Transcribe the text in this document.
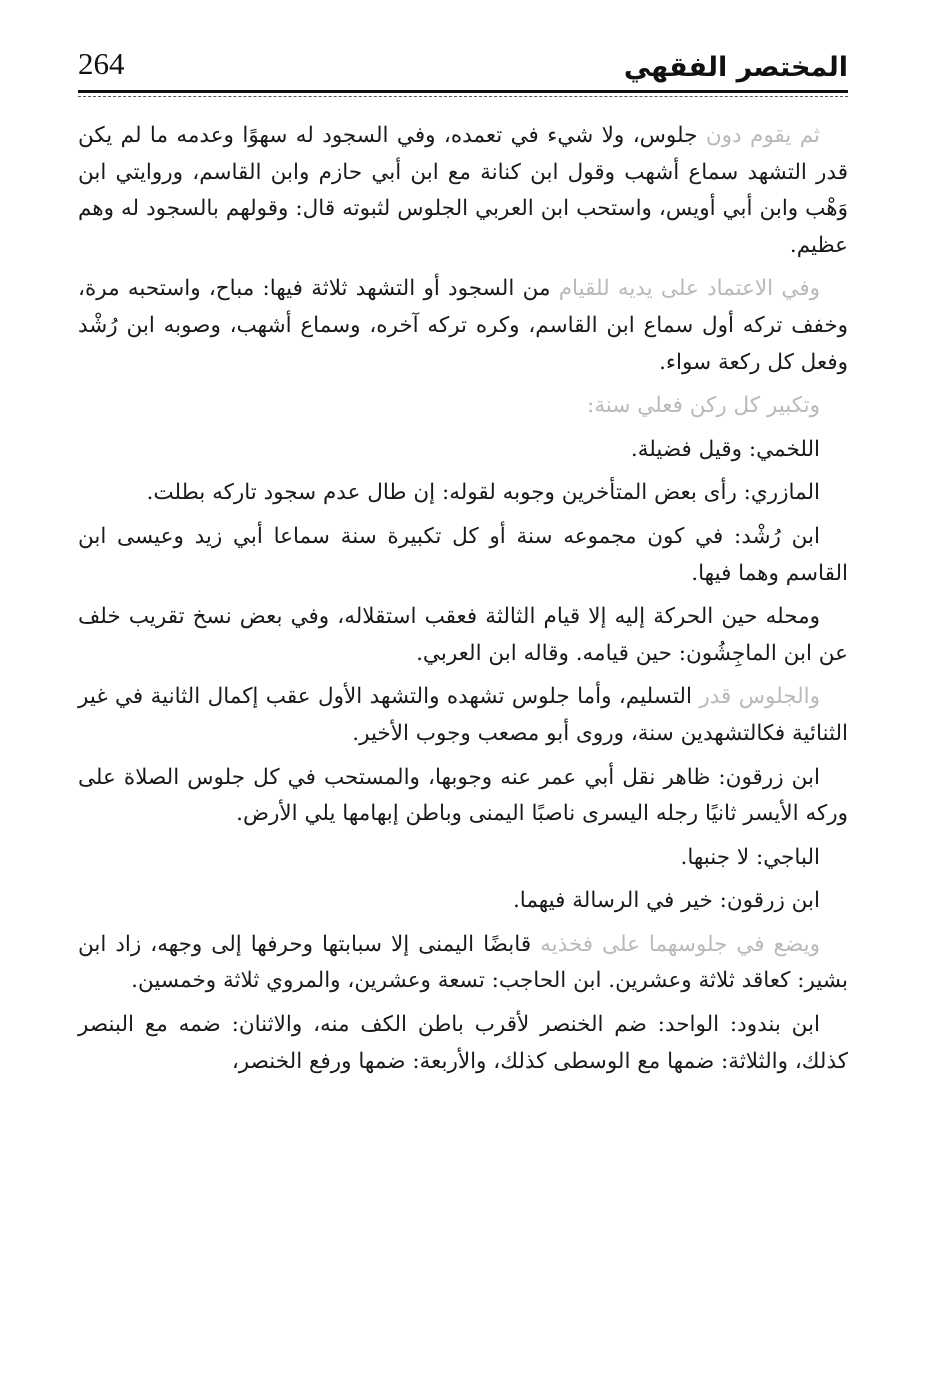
المختصر الفقهي
264

ثم يقوم دون جلوس، ولا شيء في تعمده، وفي السجود له سهوًا وعدمه ما لم يكن قدر التشهد سماع أشهب وقول ابن كنانة مع ابن أبي حازم وابن القاسم، وروايتي ابن وَهْب وابن أبي أويس، واستحب ابن العربي الجلوس لثبوته قال: وقولهم بالسجود له وهم عظيم.

وفي الاعتماد على يديه للقيام من السجود أو التشهد ثلاثة فيها: مباح، واستحبه مرة، وخفف تركه أول سماع ابن القاسم، وكره تركه آخره، وسماع أشهب، وصوبه ابن رُشْد وفعل كل ركعة سواء.

وتكبير كل ركن فعلي سنة:

اللخمي: وقيل فضيلة.

المازري: رأى بعض المتأخرين وجوبه لقوله: إن طال عدم سجود تاركه بطلت.

ابن رُشْد: في كون مجموعه سنة أو كل تكبيرة سنة سماعا أبي زيد وعيسى ابن القاسم وهما فيها.

ومحله حين الحركة إليه إلا قيام الثالثة فعقب استقلاله، وفي بعض نسخ تقريب خلف عن ابن الماجِشُون: حين قيامه. وقاله ابن العربي.

والجلوس قدر التسليم، وأما جلوس تشهده والتشهد الأول عقب إكمال الثانية في غير الثنائية فكالتشهدين سنة، وروى أبو مصعب وجوب الأخير.

ابن زرقون: ظاهر نقل أبي عمر عنه وجوبها، والمستحب في كل جلوس الصلاة على وركه الأيسر ثانيًا رجله اليسرى ناصبًا اليمنى وباطن إبهامها يلي الأرض.

الباجي: لا جنبها.

ابن زرقون: خير في الرسالة فيهما.

ويضع في جلوسهما على فخذيه قابضًا اليمنى إلا سبابتها وحرفها إلى وجهه، زاد ابن بشير: كعاقد ثلاثة وعشرين. ابن الحاجب: تسعة وعشرين، والمروي ثلاثة وخمسين.

ابن بندود: الواحد: ضم الخنصر لأقرب باطن الكف منه، والاثنان: ضمه مع البنصر كذلك، والثلاثة: ضمها مع الوسطى كذلك، والأربعة: ضمها ورفع الخنصر،
